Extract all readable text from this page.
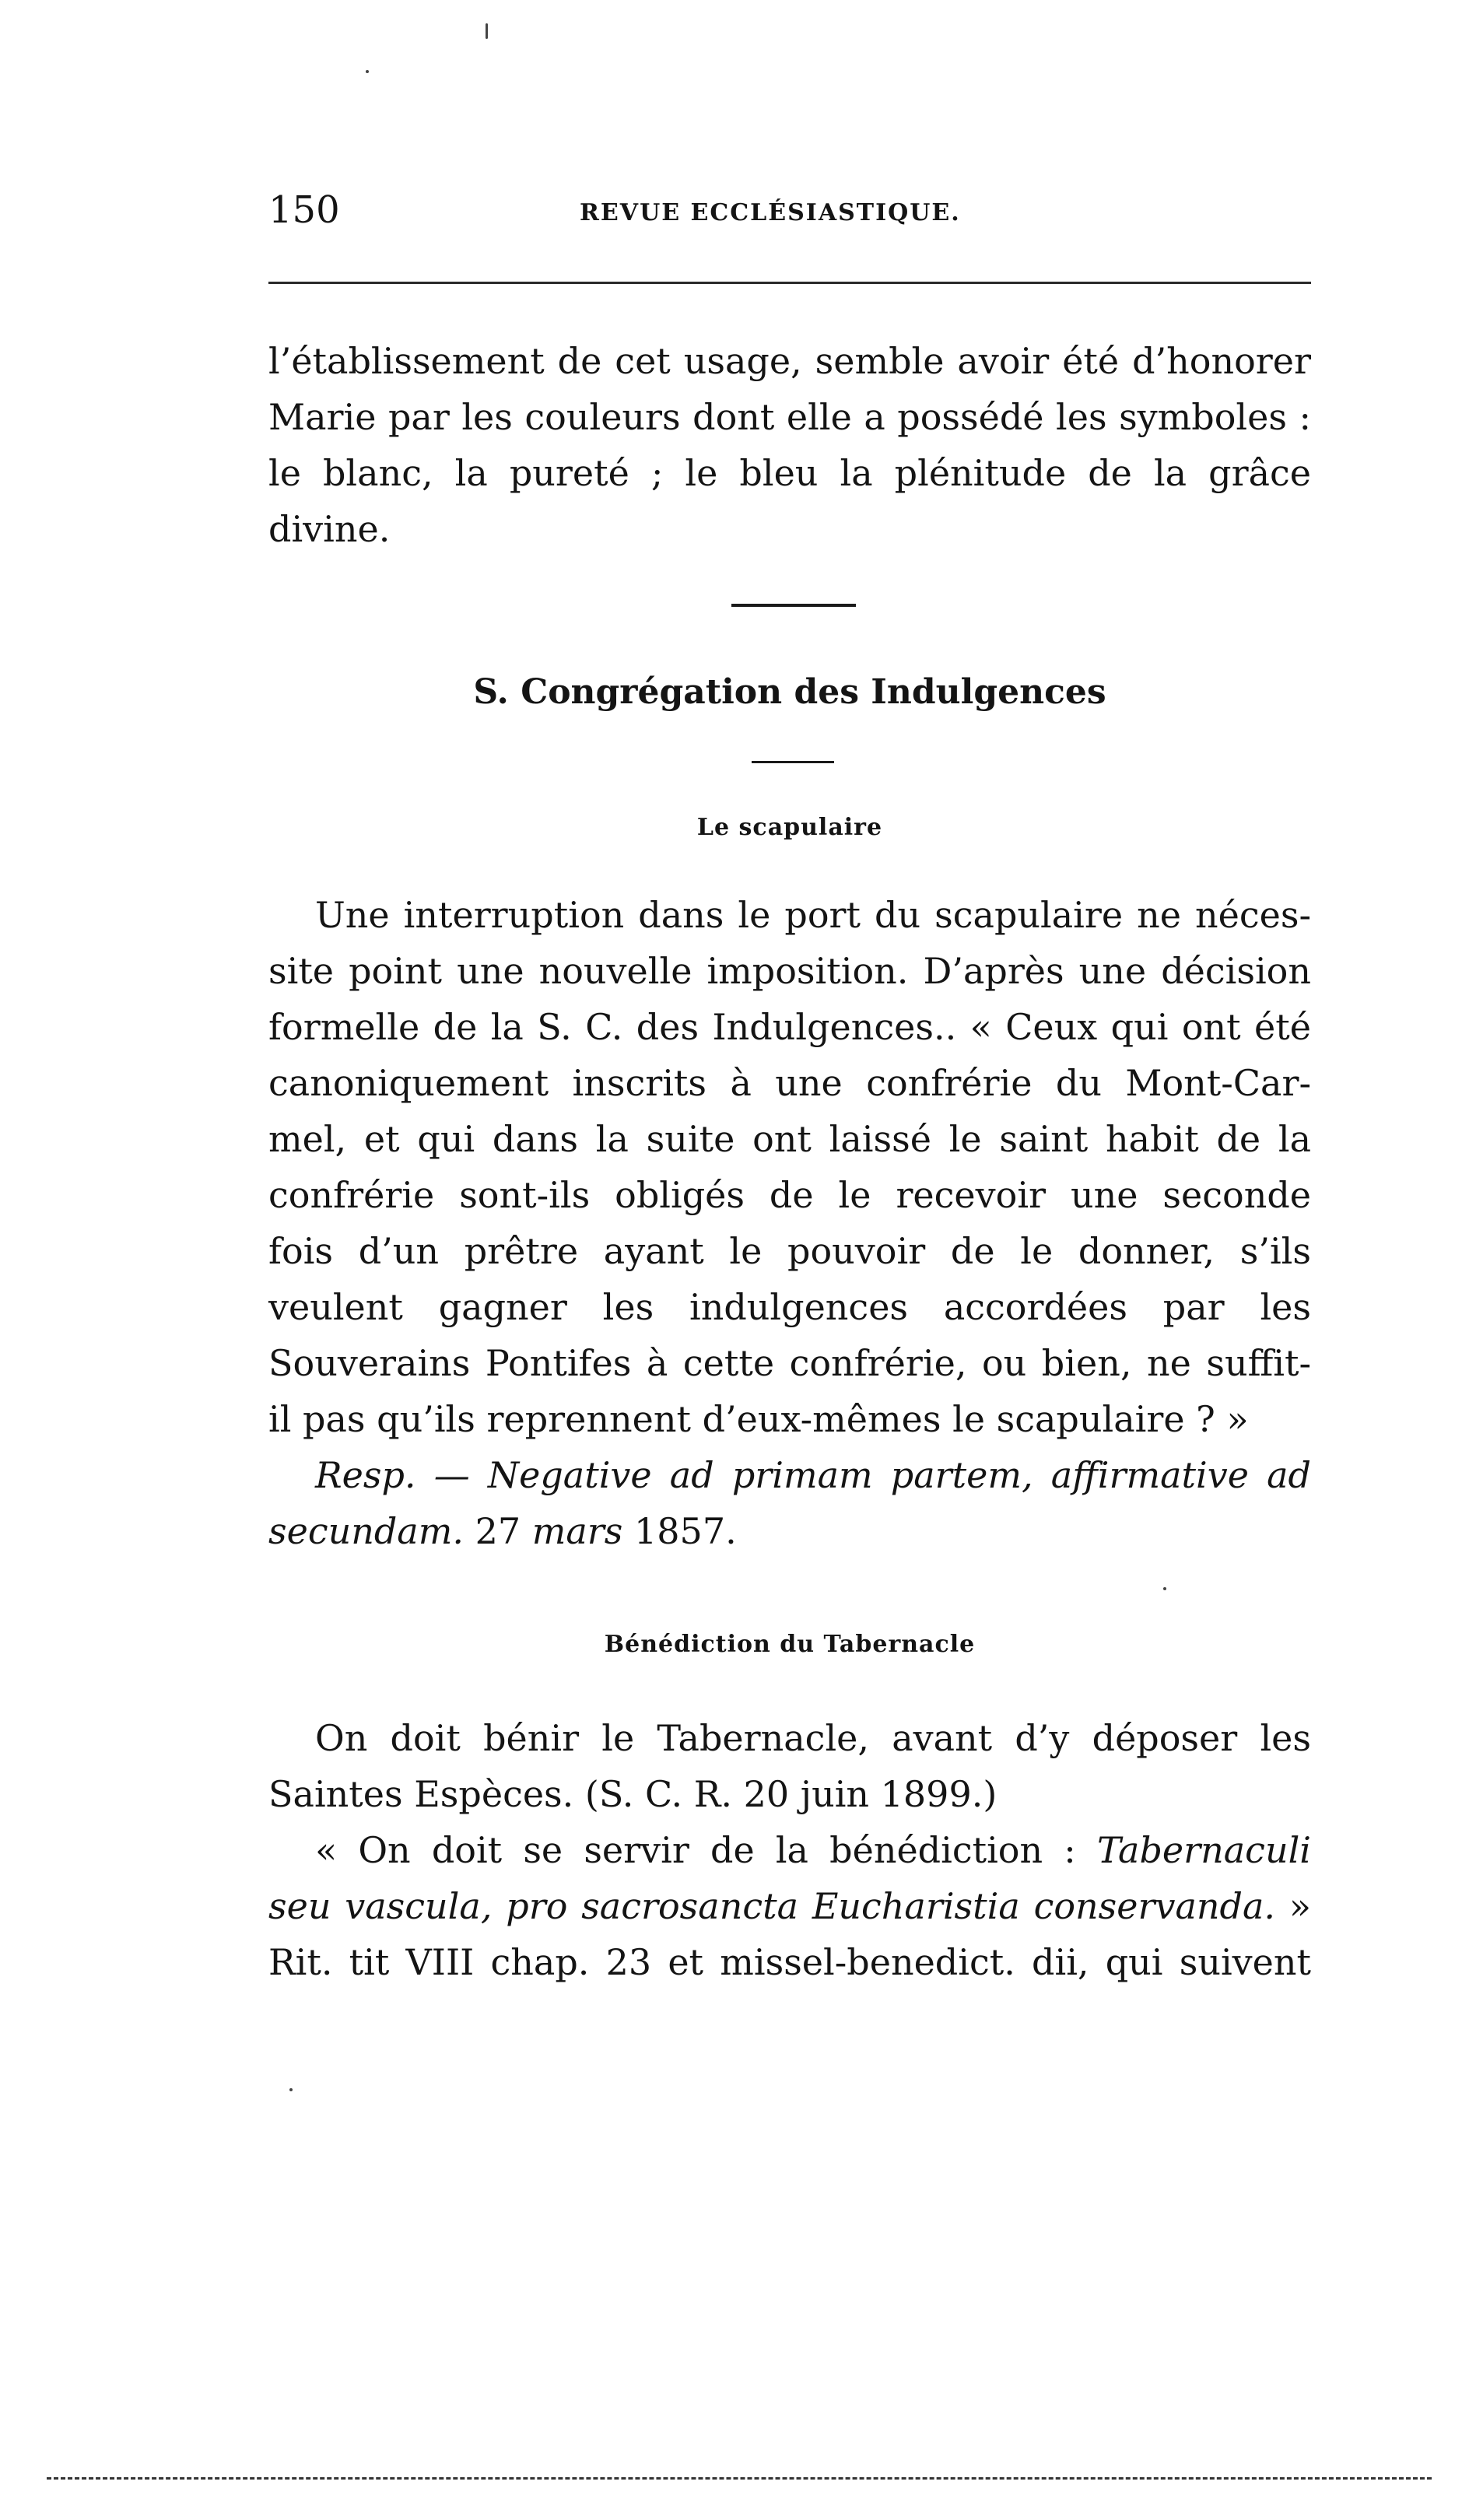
150	REVUE ECCLÉSIASTIQUE.
l’établissement de cet usage, semble avoir été d’honorer
Marie par les couleurs dont elle a possédé les symboles :
le blanc, la pureté ; le bleu la plénitude de la grâce
divine.
S. Congrégation des Indulgences
Le scapulaire
Une interruption dans le port du scapulaire ne néces-
site point une nouvelle imposition. D’après une décision
formelle de la S. C. des Indulgences.. « Ceux qui ont été
canoniquement inscrits à une confrérie du Mont-Car-
mel, et qui dans la suite ont laissé le saint habit de la
confrérie sont-ils obligés de le recevoir une seconde
fois d’un prêtre ayant le pouvoir de le donner, s’ils
veulent gagner les indulgences accordées par les
Souverains Pontifes à cette confrérie, ou bien, ne suffit-
il pas qu’ils reprennent d’eux-mêmes le scapulaire ? »
Resp. — Negative ad primam partem, affirmative ad
secundam. 27 mars 1857.
Bénédiction du Tabernacle
On doit bénir le Tabernacle, avant d’y déposer les
Saintes Espèces. (S. C. R. 20 juin 1899.)
« On doit se servir de la bénédiction : Tabernaculi
seu vascula, pro sacrosancta Eucharistia conservanda. »
Rit. tit VIII chap. 23 et missel-benedict. dii, qui suivent
